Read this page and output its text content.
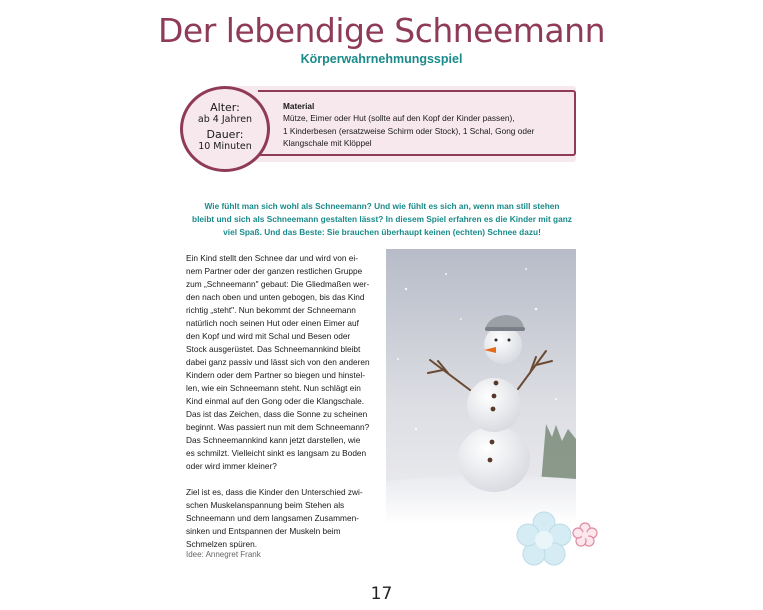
Der lebendige Schneemann
Körperwahrnehmungsspiel
Alter:
ab 4 Jahren
Dauer:
10 Minuten
Material
Mütze, Eimer oder Hut (sollte auf den Kopf der Kinder passen),
1 Kinderbesen (ersatzweise Schirm oder Stock), 1 Schal, Gong oder
Klangschale mit Klöppel
Wie fühlt man sich wohl als Schneemann? Und wie fühlt es sich an, wenn man still stehen
bleibt und sich als Schneemann gestalten lässt? In diesem Spiel erfahren es die Kinder mit ganz
viel Spaß. Und das Beste: Sie brauchen überhaupt keinen (echten) Schnee dazu!

Ein Kind stellt den Schnee dar und wird von ei-
nem Partner oder der ganzen restlichen Gruppe
zum „Schneemann" gebaut: Die Gliedmaßen wer-
den nach oben und unten gebogen, bis das Kind
richtig „steht". Nun bekommt der Schneemann
natürlich noch seinen Hut oder einen Eimer auf
den Kopf und wird mit Schal und Besen oder
Stock ausgerüstet. Das Schneemannkind bleibt
dabei ganz passiv und lässt sich von den anderen
Kindern oder dem Partner so biegen und hinstel-
len, wie ein Schneemann steht. Nun schlägt ein
Kind einmal auf den Gong oder die Klangschale.
Das ist das Zeichen, dass die Sonne zu scheinen
beginnt. Was passiert nun mit dem Schneemann?
Das Schneemannkind kann jetzt darstellen, wie
es schmilzt. Vielleicht sinkt es langsam zu Boden
oder wird immer kleiner?

Ziel ist es, dass die Kinder den Unterschied zwi-
schen Muskelanspannung beim Stehen als
Schneemann und dem langsamen Zusammen-
sinken und Entspannen der Muskeln beim
Schmelzen spüren.

Idee: Annegret Frank
17
